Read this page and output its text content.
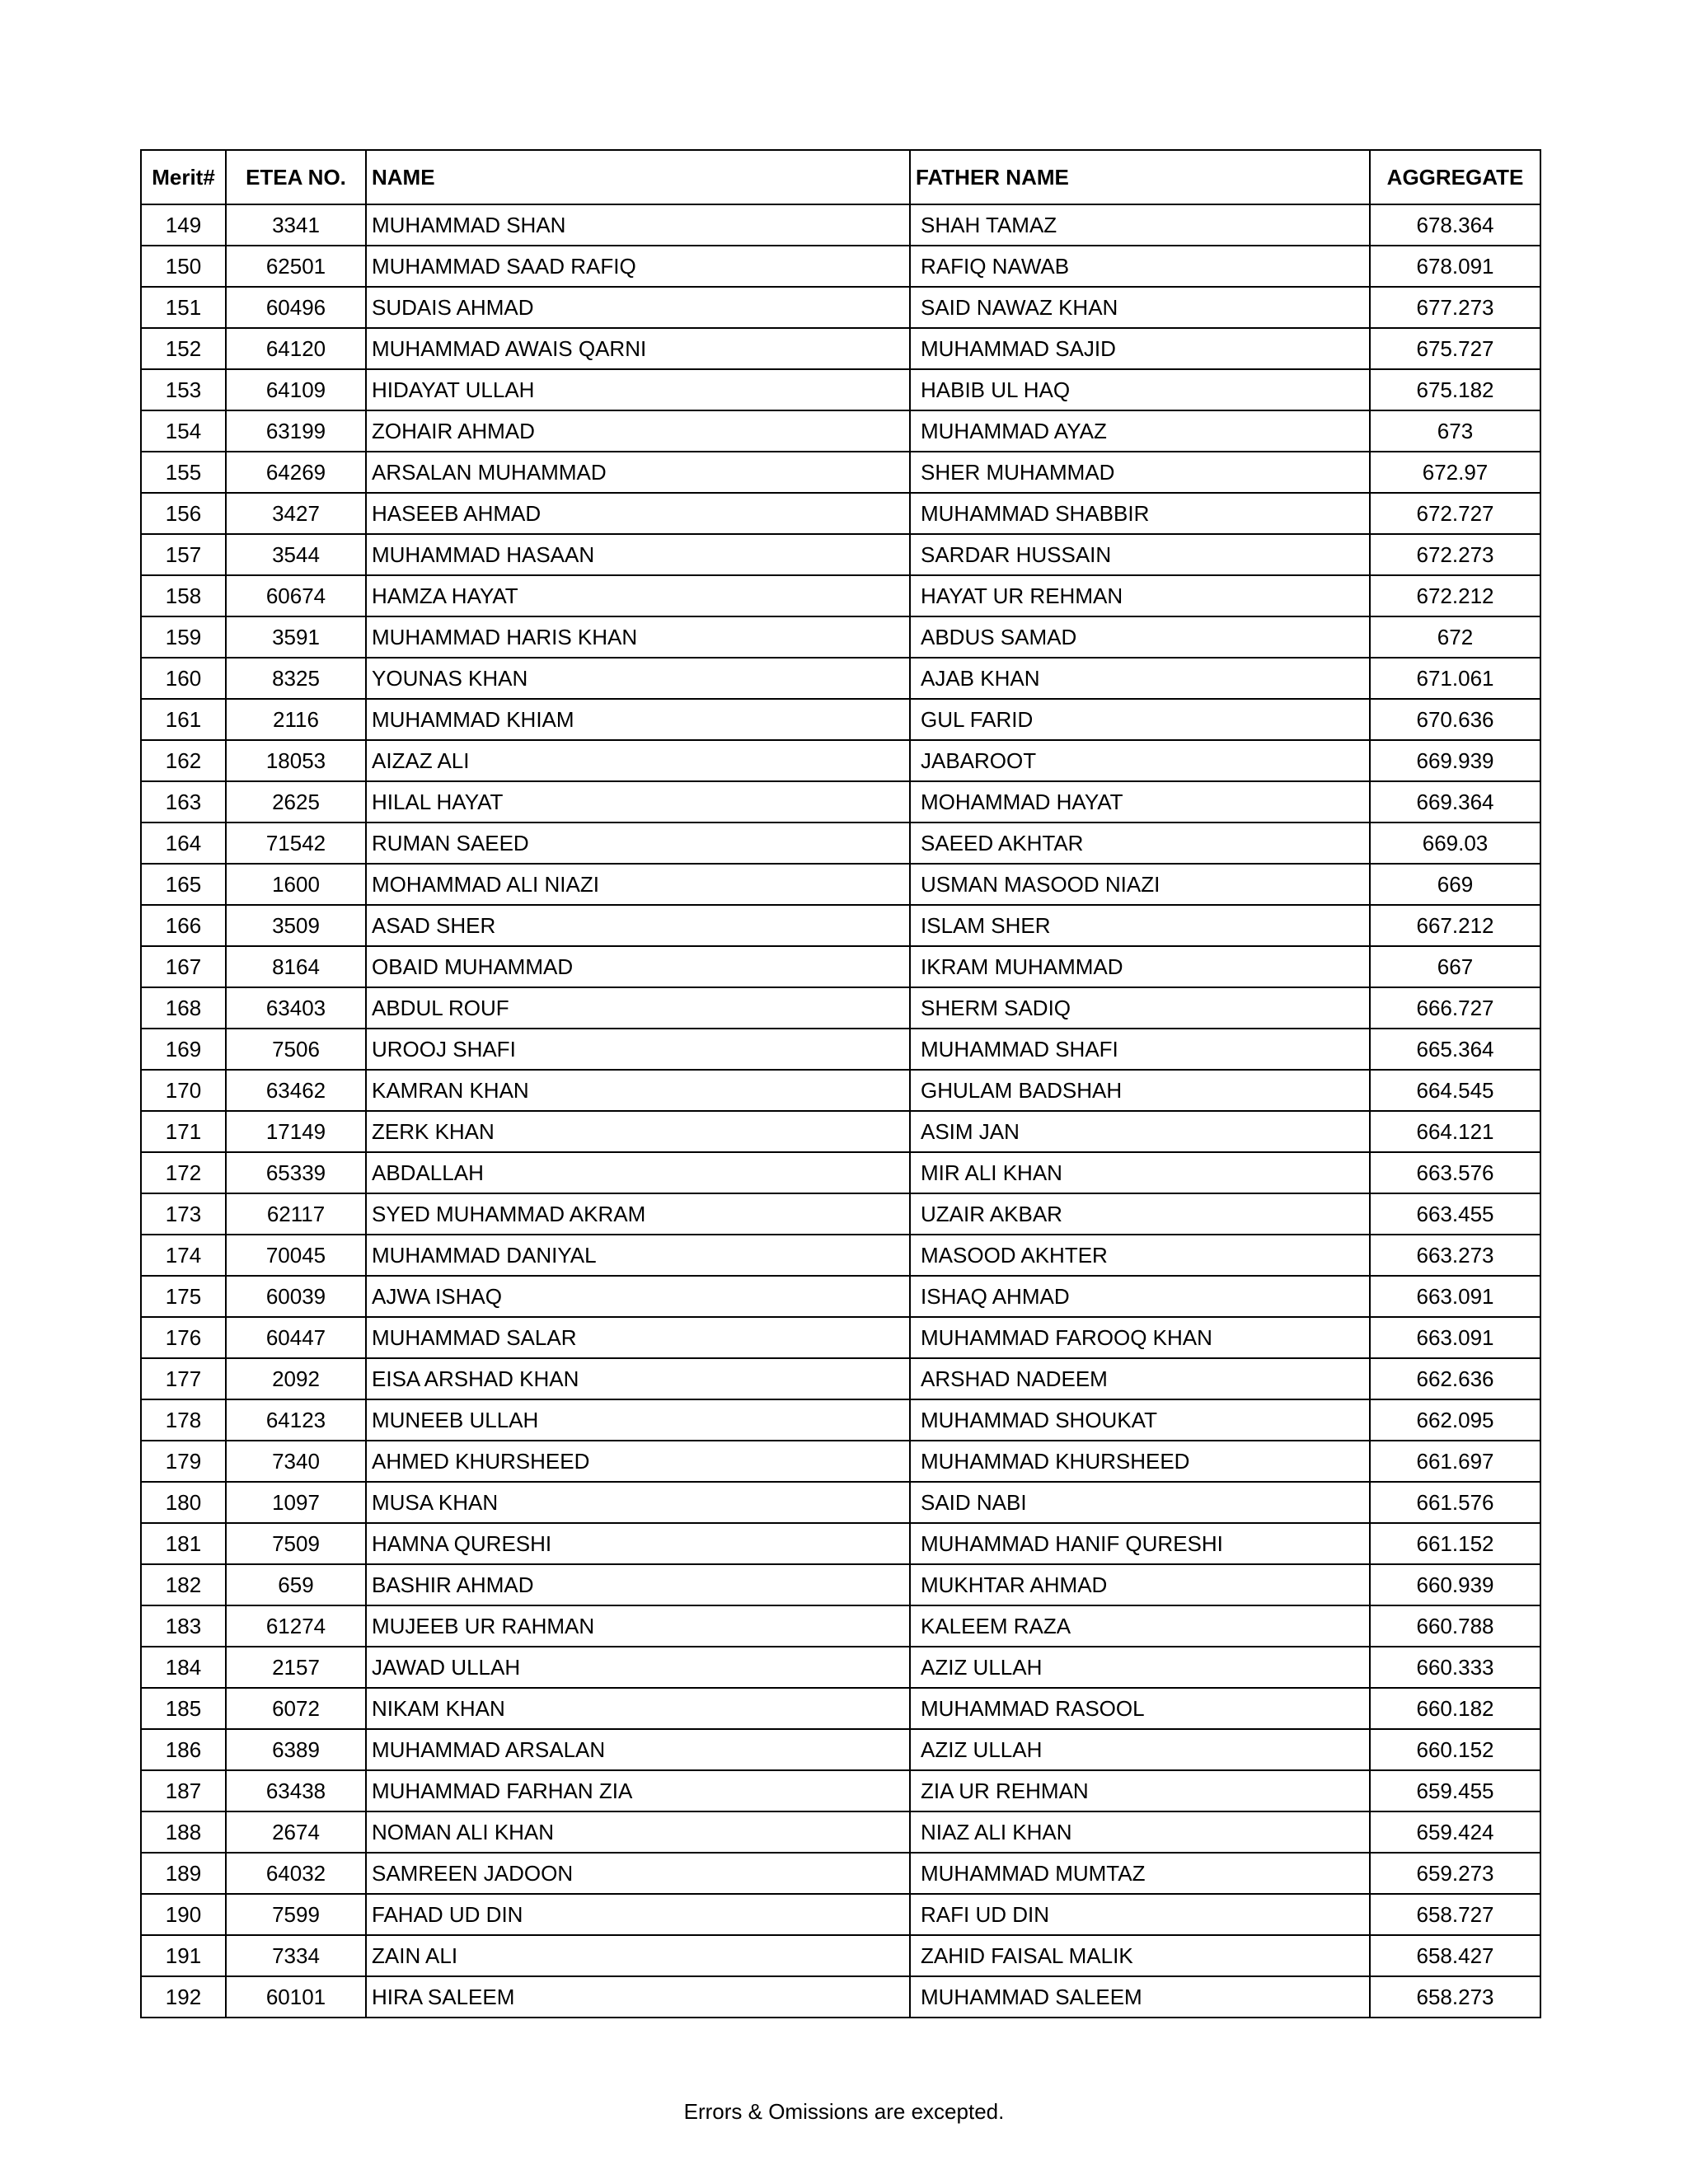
Merit#	ETEA NO.	NAME	FATHER NAME	AGGREGATE
149	3341	MUHAMMAD SHAN	SHAH TAMAZ	678.364
150	62501	MUHAMMAD SAAD RAFIQ	RAFIQ NAWAB	678.091
151	60496	SUDAIS AHMAD	SAID NAWAZ KHAN	677.273
152	64120	MUHAMMAD AWAIS QARNI	MUHAMMAD SAJID	675.727
153	64109	HIDAYAT ULLAH	HABIB UL HAQ	675.182
154	63199	ZOHAIR AHMAD	MUHAMMAD AYAZ	673
155	64269	ARSALAN MUHAMMAD	SHER MUHAMMAD	672.97
156	3427	HASEEB AHMAD	MUHAMMAD SHABBIR	672.727
157	3544	MUHAMMAD HASAAN	SARDAR HUSSAIN	672.273
158	60674	HAMZA HAYAT	HAYAT UR REHMAN	672.212
159	3591	MUHAMMAD HARIS KHAN	ABDUS SAMAD	672
160	8325	YOUNAS KHAN	AJAB KHAN	671.061
161	2116	MUHAMMAD KHIAM	GUL FARID	670.636
162	18053	AIZAZ ALI	JABAROOT	669.939
163	2625	HILAL HAYAT	MOHAMMAD HAYAT	669.364
164	71542	RUMAN SAEED	SAEED AKHTAR	669.03
165	1600	MOHAMMAD ALI NIAZI	USMAN MASOOD NIAZI	669
166	3509	ASAD SHER	ISLAM SHER	667.212
167	8164	OBAID MUHAMMAD	IKRAM MUHAMMAD	667
168	63403	ABDUL ROUF	SHERM SADIQ	666.727
169	7506	UROOJ SHAFI	MUHAMMAD SHAFI	665.364
170	63462	KAMRAN KHAN	GHULAM BADSHAH	664.545
171	17149	ZERK KHAN	ASIM JAN	664.121
172	65339	ABDALLAH	MIR ALI KHAN	663.576
173	62117	SYED MUHAMMAD AKRAM	UZAIR AKBAR	663.455
174	70045	MUHAMMAD DANIYAL	MASOOD AKHTER	663.273
175	60039	AJWA ISHAQ	ISHAQ AHMAD	663.091
176	60447	MUHAMMAD SALAR	MUHAMMAD FAROOQ KHAN	663.091
177	2092	EISA ARSHAD KHAN	ARSHAD NADEEM	662.636
178	64123	MUNEEB ULLAH	MUHAMMAD SHOUKAT	662.095
179	7340	AHMED KHURSHEED	MUHAMMAD KHURSHEED	661.697
180	1097	MUSA KHAN	SAID NABI	661.576
181	7509	HAMNA QURESHI	MUHAMMAD HANIF QURESHI	661.152
182	659	BASHIR AHMAD	MUKHTAR AHMAD	660.939
183	61274	MUJEEB UR RAHMAN	KALEEM RAZA	660.788
184	2157	JAWAD ULLAH	AZIZ ULLAH	660.333
185	6072	NIKAM KHAN	MUHAMMAD RASOOL	660.182
186	6389	MUHAMMAD ARSALAN	AZIZ ULLAH	660.152
187	63438	MUHAMMAD FARHAN ZIA	ZIA UR REHMAN	659.455
188	2674	NOMAN ALI KHAN	NIAZ ALI KHAN	659.424
189	64032	SAMREEN JADOON	MUHAMMAD MUMTAZ	659.273
190	7599	FAHAD UD DIN	RAFI UD DIN	658.727
191	7334	ZAIN ALI	ZAHID FAISAL MALIK	658.427
192	60101	HIRA SALEEM	MUHAMMAD SALEEM	658.273
Errors & Omissions are excepted.
